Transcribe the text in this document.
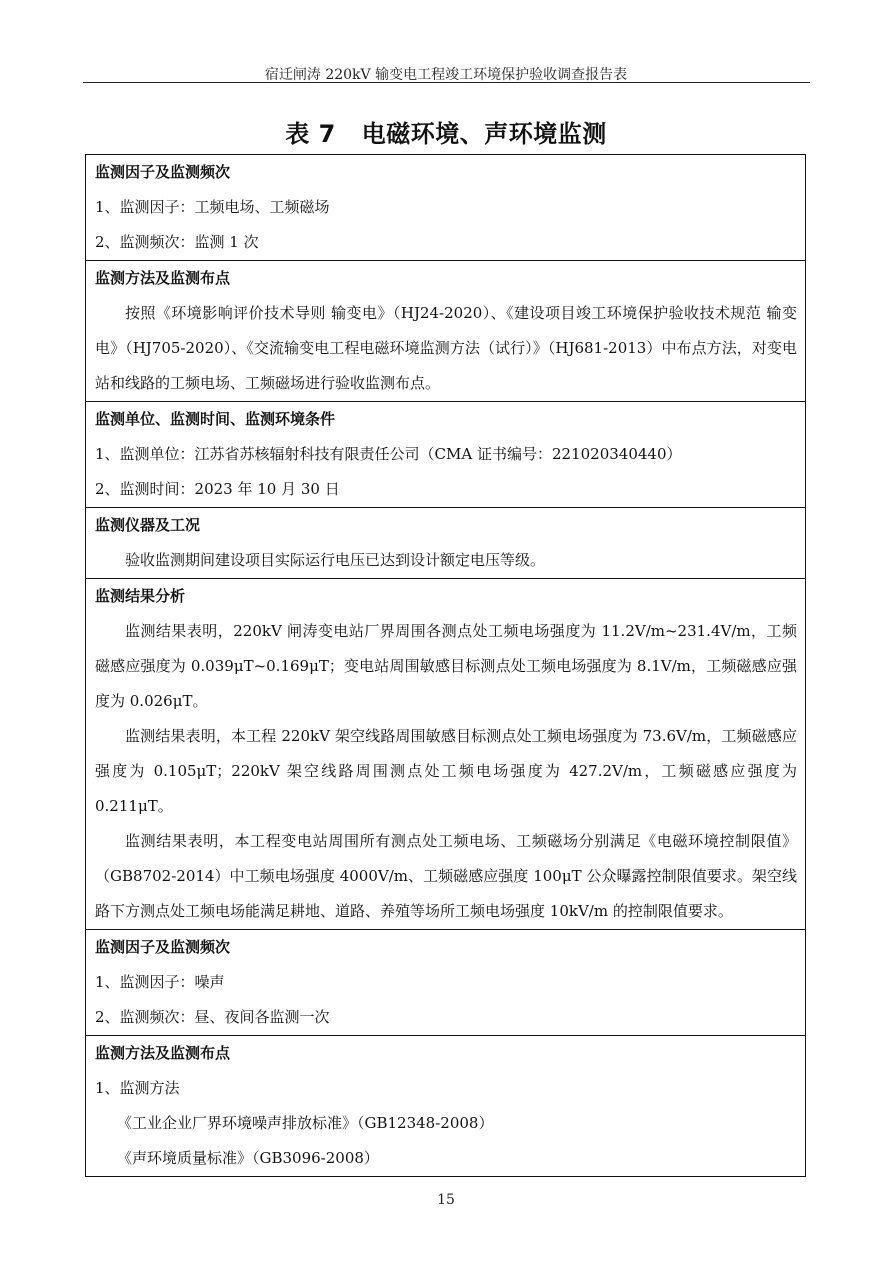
宿迁闸涛 220kV 输变电工程竣工环境保护验收调查报告表
表 7 电磁环境、声环境监测
监测因子及监测频次
1、监测因子：工频电场、工频磁场
2、监测频次：监测 1 次
监测方法及监测布点
按照《环境影响评价技术导则 输变电》（HJ24-2020）、《建设项目竣工环境保护验收技术规范 输变电》（HJ705-2020）、《交流输变电工程电磁环境监测方法（试行）》（HJ681-2013）中布点方法，对变电站和线路的工频电场、工频磁场进行验收监测布点。
监测单位、监测时间、监测环境条件
1、监测单位：江苏省苏核辐射科技有限责任公司（CMA 证书编号：221020340440）
2、监测时间：2023 年 10 月 30 日
监测仪器及工况
验收监测期间建设项目实际运行电压已达到设计额定电压等级。
监测结果分析
监测结果表明，220kV 闸涛变电站厂界周围各测点处工频电场强度为 11.2V/m~231.4V/m，工频磁感应强度为 0.039μT~0.169μT；变电站周围敏感目标测点处工频电场强度为 8.1V/m，工频磁感应强度为 0.026μT。
监测结果表明，本工程 220kV 架空线路周围敏感目标测点处工频电场强度为 73.6V/m，工频磁感应强度为 0.105μT；220kV 架空线路周围测点处工频电场强度为 427.2V/m，工频磁感应强度为 0.211μT。
监测结果表明，本工程变电站周围所有测点处工频电场、工频磁场分别满足《电磁环境控制限值》（GB8702-2014）中工频电场强度 4000V/m、工频磁感应强度 100μT 公众曝露控制限值要求。架空线路下方测点处工频电场能满足耕地、道路、养殖等场所工频电场强度 10kV/m 的控制限值要求。
监测因子及监测频次
1、监测因子：噪声
2、监测频次：昼、夜间各监测一次
监测方法及监测布点
1、监测方法
《工业企业厂界环境噪声排放标准》（GB12348-2008）
《声环境质量标准》（GB3096-2008）
15
